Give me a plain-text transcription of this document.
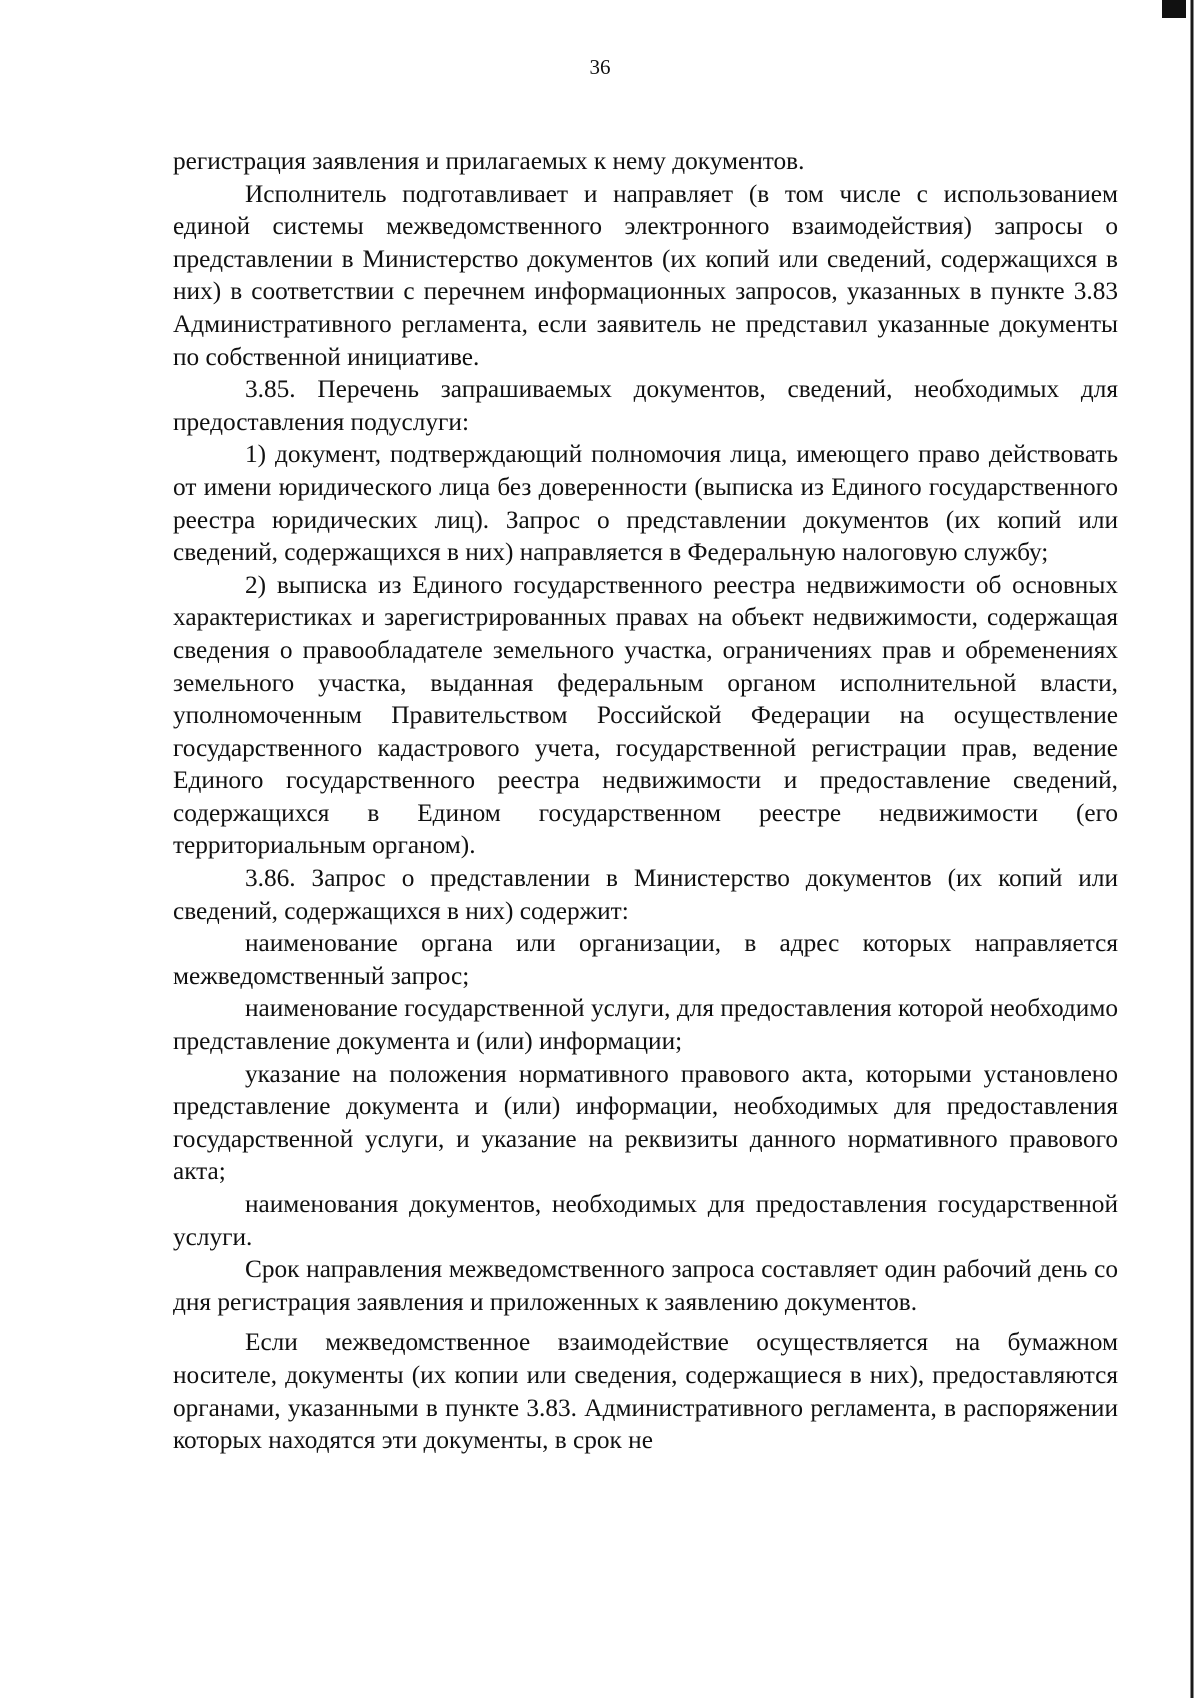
36

регистрация заявления и прилагаемых к нему документов.

Исполнитель подготавливает и направляет (в том числе с использованием единой системы межведомственного электронного взаимодействия) запросы о представлении в Министерство документов (их копий или сведений, содержащихся в них) в соответствии с перечнем информационных запросов, указанных в пункте 3.83 Административного регламента, если заявитель не представил указанные документы по собственной инициативе.

3.85. Перечень запрашиваемых документов, сведений, необходимых для предоставления подуслуги:

1) документ, подтверждающий полномочия лица, имеющего право действовать от имени юридического лица без доверенности (выписка из Единого государственного реестра юридических лиц). Запрос о представлении документов (их копий или сведений, содержащихся в них) направляется в Федеральную налоговую службу;

2) выписка из Единого государственного реестра недвижимости об основных характеристиках и зарегистрированных правах на объект недвижимости, содержащая сведения о правообладателе земельного участка, ограничениях прав и обременениях земельного участка, выданная федеральным органом исполнительной власти, уполномоченным Правительством Российской Федерации на осуществление государственного кадастрового учета, государственной регистрации прав, ведение Единого государственного реестра недвижимости и предоставление сведений, содержащихся в Едином государственном реестре недвижимости (его территориальным органом).

3.86. Запрос о представлении в Министерство документов (их копий или сведений, содержащихся в них) содержит:

наименование органа или организации, в адрес которых направляется межведомственный запрос;

наименование государственной услуги, для предоставления которой необходимо представление документа и (или) информации;

указание на положения нормативного правового акта, которыми установлено представление документа и (или) информации, необходимых для предоставления государственной услуги, и указание на реквизиты данного нормативного правового акта;

наименования документов, необходимых для предоставления государственной услуги.

Срок направления межведомственного запроса составляет один рабочий день со дня регистрация заявления и приложенных к заявлению документов.

Если межведомственное взаимодействие осуществляется на бумажном носителе, документы (их копии или сведения, содержащиеся в них), предоставляются органами, указанными в пункте 3.83. Административного регламента, в распоряжении которых находятся эти документы, в срок не
